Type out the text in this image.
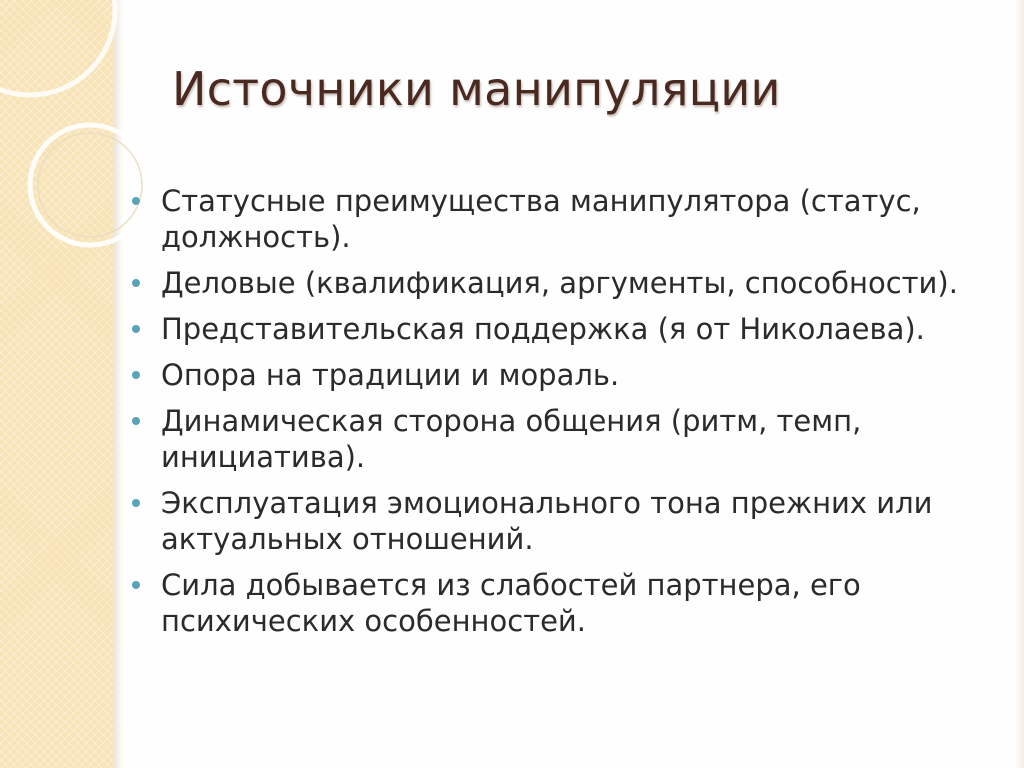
Источники манипуляции
Статусные преимущества манипулятора (статус, должность).
Деловые (квалификация, аргументы, способности).
Представительская поддержка (я от Николаева).
Опора на традиции и мораль.
Динамическая сторона общения (ритм, темп, инициатива).
Эксплуатация эмоционального тона прежних или актуальных отношений.
Сила добывается из слабостей партнера, его психических особенностей.
